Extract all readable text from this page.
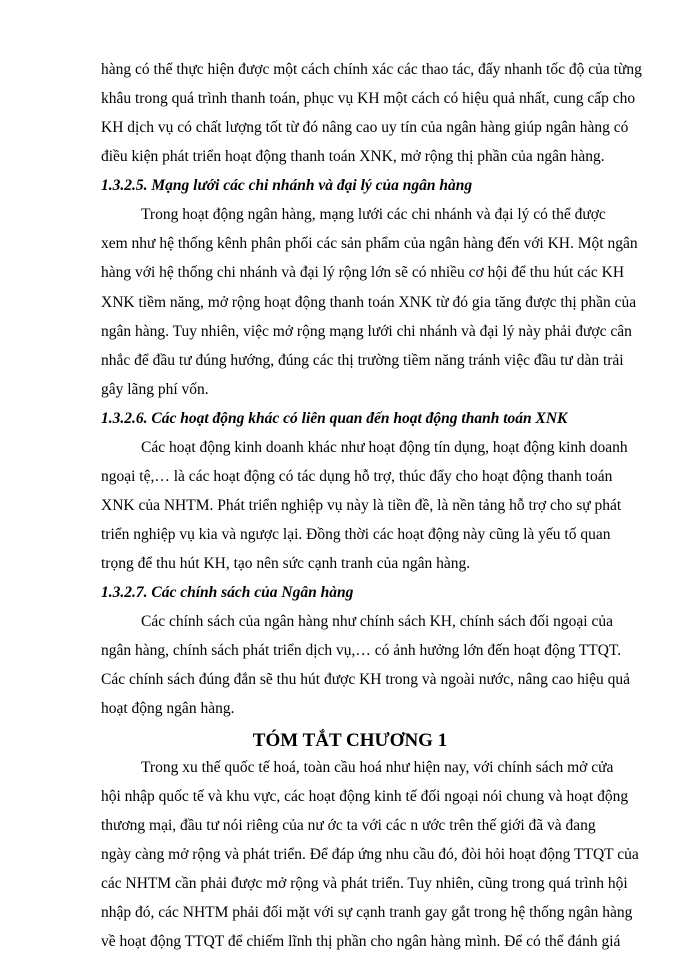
hàng có thể thực hiện được một cách chính xác các thao tác, đẩy nhanh tốc độ của từng
khâu trong quá trình thanh toán, phục vụ KH một cách có hiệu quả nhất, cung cấp cho
KH dịch vụ có chất lượng tốt từ đó nâng cao uy tín của ngân hàng giúp ngân hàng có
điều kiện phát triển hoạt động thanh toán XNK, mở rộng thị phần của ngân hàng.
1.3.2.5. Mạng lưới các chi nhánh và đại lý của ngân hàng
Trong hoạt động ngân hàng, mạng lưới các chi nhánh và đại lý có thể được
xem như hệ thống kênh phân phối các sản phẩm của ngân hàng đến với KH. Một ngân
hàng với hệ thống chi nhánh và đại lý rộng lớn sẽ có nhiều cơ hội để thu hút các KH
XNK tiềm năng, mở rộng hoạt động thanh toán XNK từ đó gia tăng được thị phần của
ngân hàng. Tuy nhiên, việc mở rộng mạng lưới chi nhánh và đại lý này phải được cân
nhắc để đầu tư đúng hướng, đúng các thị trường tiềm năng tránh việc đầu tư dàn trải
gây lãng phí vốn.
1.3.2.6. Các hoạt động khác có liên quan đến hoạt động thanh toán XNK
Các hoạt động kinh doanh khác như hoạt động tín dụng, hoạt động kinh doanh
ngoại tệ,… là các hoạt động có tác dụng hỗ trợ, thúc đẩy cho hoạt động thanh toán
XNK của NHTM. Phát triển nghiệp vụ này là tiền đề, là nền tảng hỗ trợ cho sự phát
triển nghiệp vụ kia và ngược lại. Đồng thời các hoạt động này cũng là yếu tố quan
trọng để thu hút KH, tạo nên sức cạnh tranh của ngân hàng.
1.3.2.7. Các chính sách của Ngân hàng
Các chính sách của ngân hàng như chính sách KH, chính sách đối ngoại của
ngân hàng, chính sách phát triển dịch vụ,… có ảnh hưởng lớn đến hoạt động TTQT.
Các chính sách đúng đắn sẽ thu hút được KH trong và ngoài nước, nâng cao hiệu quả
hoạt động ngân hàng.
TÓM TẮT CHƯƠNG 1
Trong xu thế quốc tế hoá, toàn cầu hoá như hiện nay, với chính sách mở cửa
hội nhập quốc tế và khu vực, các hoạt động kinh tế đối ngoại nói chung và hoạt động
thương mại, đầu tư nói riêng của nư ớc ta với các n ước trên thế giới đã và đang
ngày càng mở rộng và phát triển. Để đáp ứng nhu cầu đó, đòi hỏi hoạt động TTQT của
các NHTM cần phải được mở rộng và phát triển. Tuy nhiên, cũng trong quá trình hội
nhập đó, các NHTM phải đối mặt với sự cạnh tranh gay gắt trong hệ thống ngân hàng
về hoạt động TTQT để chiếm lĩnh thị phần cho ngân hàng mình. Để có thể đánh giá
